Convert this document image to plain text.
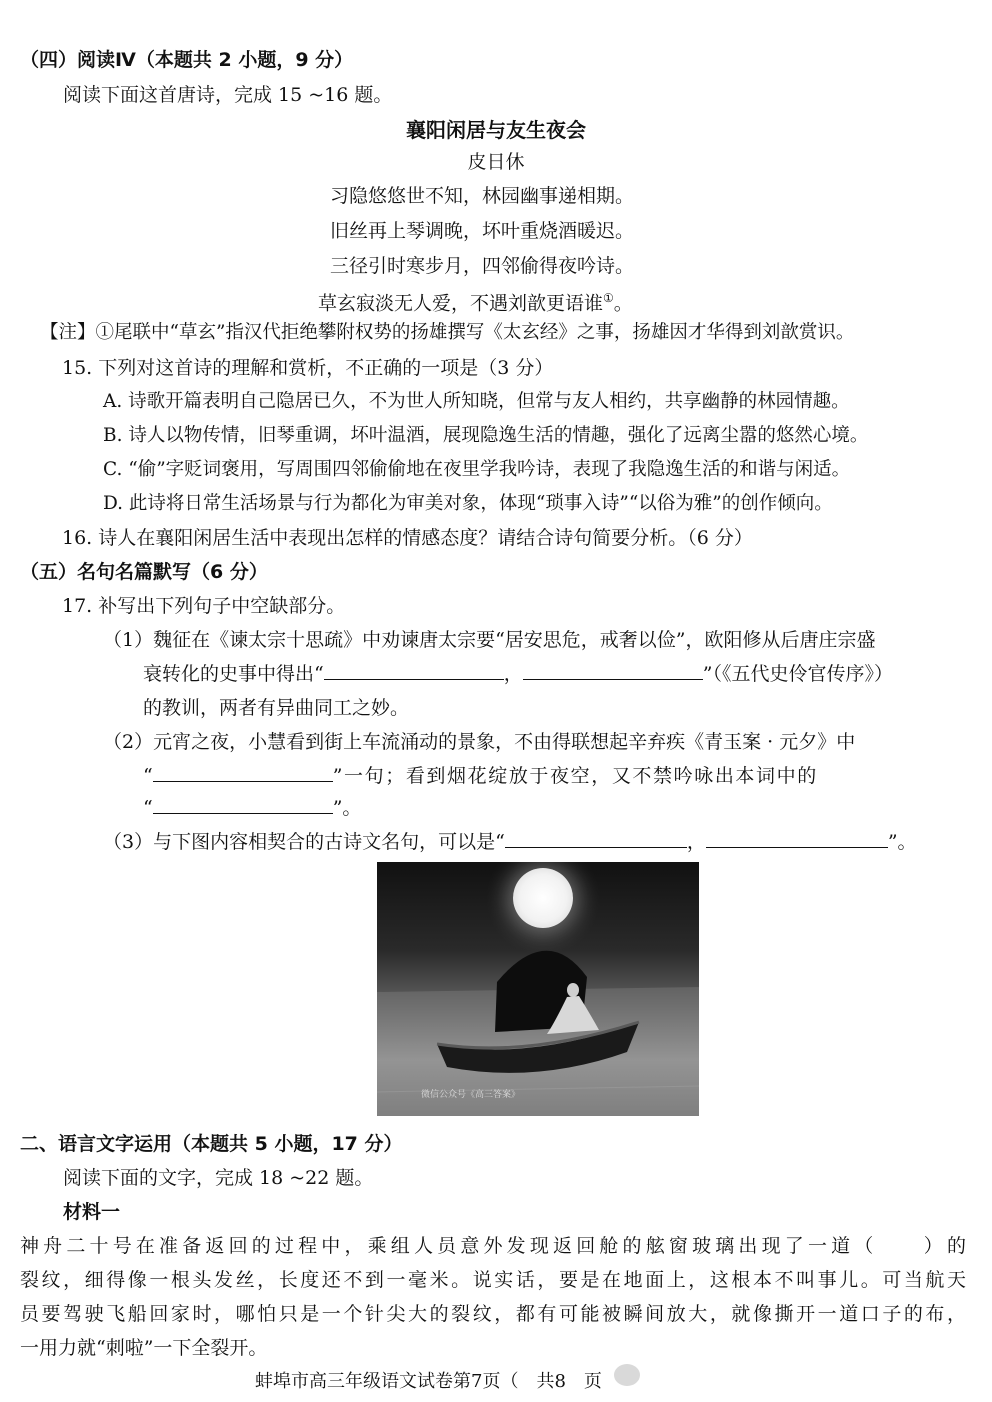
（四）阅读Ⅳ（本题共 2 小题，9 分）
阅读下面这首唐诗，完成 15 ~16 题。
襄阳闲居与友生夜会
皮日休
习隐悠悠世不知，林园幽事递相期。
旧丝再上琴调晚，坏叶重烧酒暖迟。
三径引时寒步月，四邻偷得夜吟诗。
草玄寂淡无人爱，不遇刘歆更语谁①。
【注】①尾联中“草玄”指汉代拒绝攀附权势的扬雄撰写《太玄经》之事，扬雄因才华得到刘歆赏识。
15. 下列对这首诗的理解和赏析，不正确的一项是（3 分）
A. 诗歌开篇表明自己隐居已久，不为世人所知晓，但常与友人相约，共享幽静的林园情趣。
B. 诗人以物传情，旧琴重调，坏叶温酒，展现隐逸生活的情趣，强化了远离尘嚣的悠然心境。
C. “偷”字贬词褒用，写周围四邻偷偷地在夜里学我吟诗，表现了我隐逸生活的和谐与闲适。
D. 此诗将日常生活场景与行为都化为审美对象，体现“琐事入诗”“以俗为雅”的创作倾向。
16. 诗人在襄阳闲居生活中表现出怎样的情感态度？请结合诗句简要分析。（6 分）
（五）名句名篇默写（6 分）
17. 补写出下列句子中空缺部分。
（1）魏征在《谏太宗十思疏》中劝谏唐太宗要“居安思危，戒奢以俭”，欧阳修从后唐庄宗盛
衰转化的史事中得出“	，	”（《五代史伶官传序》）
的教训，两者有异曲同工之妙。
（2）元宵之夜，小慧看到街上车流涌动的景象，不由得联想起辛弃疾《青玉案 · 元夕》中
“	”一句；看到烟花绽放于夜空，又不禁吟咏出本词中的
“	”。
（3）与下图内容相契合的古诗文名句，可以是“	，	”。
微信公众号《高三答案》
二、语言文字运用（本题共 5 小题，17 分）
阅读下面的文字，完成 18 ~22 题。
材料一
神舟二十号在准备返回的过程中，乘组人员意外发现返回舱的舷窗玻璃出现了一道（　　）的
裂纹，细得像一根头发丝，长度还不到一毫米。说实话，要是在地面上，这根本不叫事儿。可当航天
员要驾驶飞船回家时，哪怕只是一个针尖大的裂纹，都有可能被瞬间放大，就像撕开一道口子的布，
一用力就“刺啦”一下全裂开。
蚌埠市高三年级语文试卷第7页（　共8　页
